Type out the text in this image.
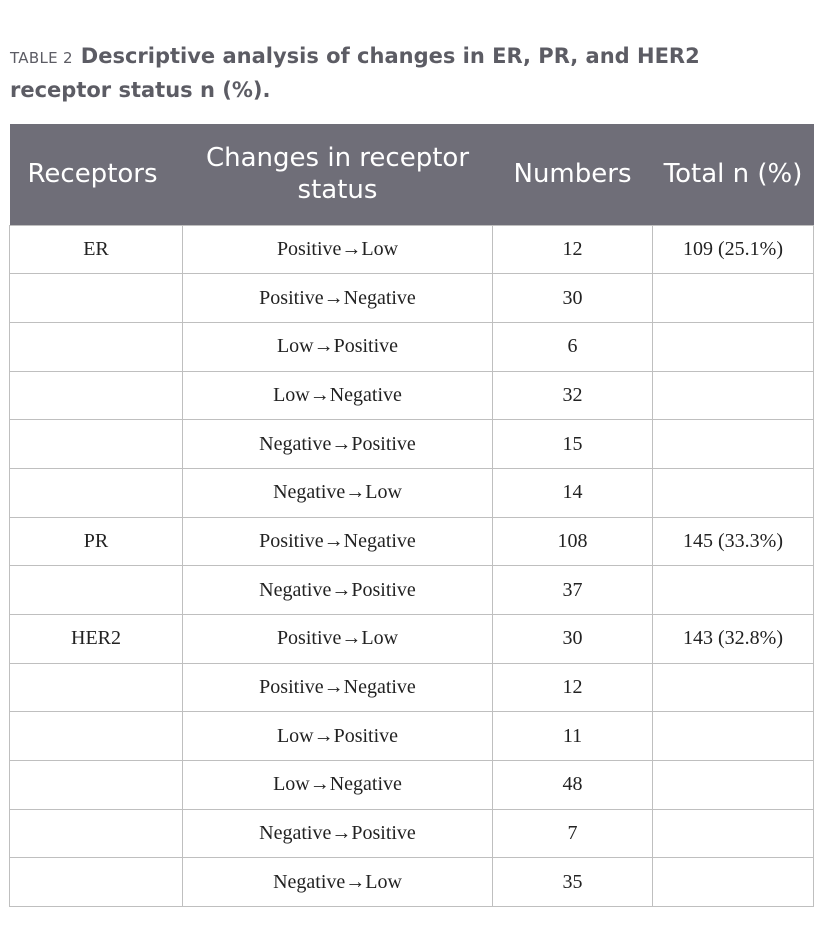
TABLE 2 Descriptive analysis of changes in ER, PR, and HER2 receptor status n (%).
Receptors	Changes in receptor status	Numbers	Total n (%)
ER	Positive→Low	12	109 (25.1%)
	Positive→Negative	30	
	Low→Positive	6	
	Low→Negative	32	
	Negative→Positive	15	
	Negative→Low	14	
PR	Positive→Negative	108	145 (33.3%)
	Negative→Positive	37	
HER2	Positive→Low	30	143 (32.8%)
	Positive→Negative	12	
	Low→Positive	11	
	Low→Negative	48	
	Negative→Positive	7	
	Negative→Low	35	
